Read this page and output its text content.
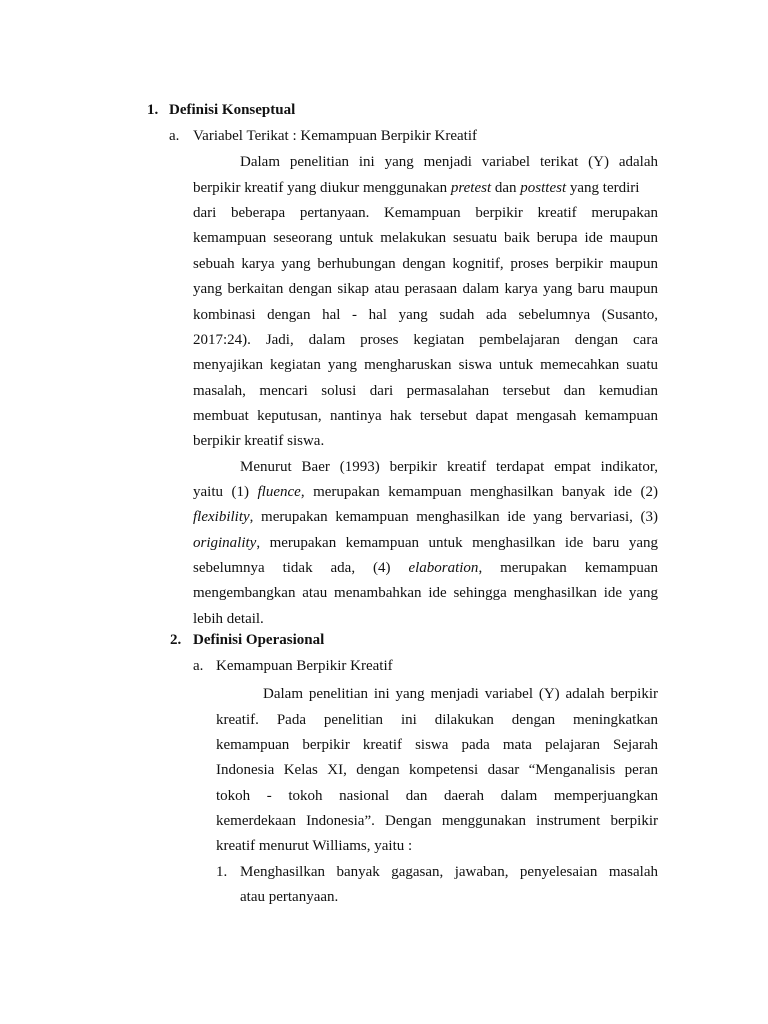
1. Definisi Konseptual
a. Variabel Terikat : Kemampuan Berpikir Kreatif
Dalam penelitian ini yang menjadi variabel terikat (Y) adalah
berpikir kreatif yang diukur menggunakan pretest dan posttest yang terdiri
dari beberapa pertanyaan. Kemampuan berpikir kreatif merupakan
kemampuan seseorang untuk melakukan sesuatu baik berupa ide maupun
sebuah karya yang berhubungan dengan kognitif, proses berpikir maupun
yang berkaitan dengan sikap atau perasaan dalam karya yang baru maupun
kombinasi dengan hal - hal yang sudah ada sebelumnya (Susanto,
2017:24). Jadi, dalam proses kegiatan pembelajaran dengan cara
menyajikan kegiatan yang mengharuskan siswa untuk memecahkan suatu
masalah, mencari solusi dari permasalahan tersebut dan kemudian
membuat keputusan, nantinya hak tersebut dapat mengasah kemampuan
berpikir kreatif siswa.
Menurut Baer (1993) berpikir kreatif terdapat empat indikator,
yaitu (1) fluence, merupakan kemampuan menghasilkan banyak ide (2)
flexibility, merupakan kemampuan menghasilkan ide yang bervariasi, (3)
originality, merupakan kemampuan untuk menghasilkan ide baru yang
sebelumnya tidak ada, (4) elaboration, merupakan kemampuan
mengembangkan atau menambahkan ide sehingga menghasilkan ide yang
lebih detail.
2. Definisi Operasional
a. Kemampuan Berpikir Kreatif
Dalam penelitian ini yang menjadi variabel (Y) adalah berpikir
kreatif. Pada penelitian ini dilakukan dengan meningkatkan
kemampuan berpikir kreatif siswa pada mata pelajaran Sejarah
Indonesia Kelas XI, dengan kompetensi dasar “Menganalisis peran
tokoh - tokoh nasional dan daerah dalam memperjuangkan
kemerdekaan Indonesia”. Dengan menggunakan instrument berpikir
kreatif menurut Williams, yaitu :
1. Menghasilkan banyak gagasan, jawaban, penyelesaian masalah
atau pertanyaan.
